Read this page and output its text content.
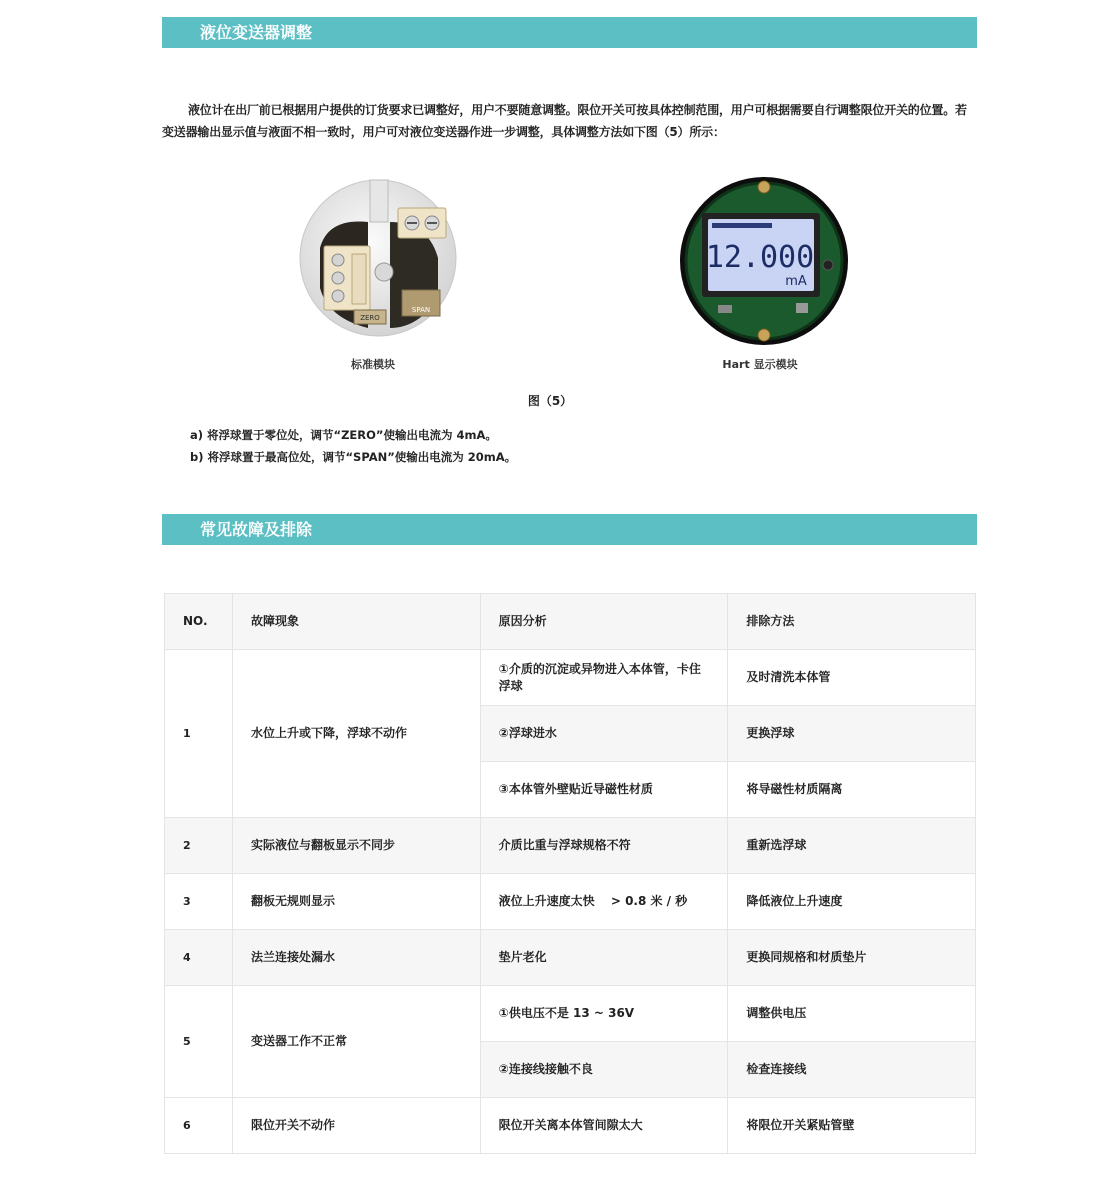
液位变送器调整

液位计在出厂前已根据用户提供的订货要求已调整好，用户不要随意调整。限位开关可按具体控制范围，用户可根据需要自行调整限位开关的位置。若变送器输出显示值与液面不相一致时，用户可对液位变送器作进一步调整，具体调整方法如下图（5）所示：

SPAN
ZERO
标准模块
12.000
mA
Hart 显示模块
图（5）
a) 将浮球置于零位处，调节“ZERO”使输出电流为 4mA。
b) 将浮球置于最高位处，调节“SPAN”使输出电流为 20mA。
常见故障及排除
NO.	故障现象	原因分析	排除方法
1	水位上升或下降，浮球不动作	①介质的沉淀或异物进入本体管，卡住浮球	及时清洗本体管
		②浮球进水	更换浮球
		③本体管外壁贴近导磁性材质	将导磁性材质隔离
2	实际液位与翻板显示不同步	介质比重与浮球规格不符	重新选浮球
3	翻板无规则显示	液位上升速度太快　 > 0.8 米 / 秒	降低液位上升速度
4	法兰连接处漏水	垫片老化	更换同规格和材质垫片
5	变送器工作不正常	①供电压不是 13 ~ 36V	调整供电压
		②连接线接触不良	检查连接线
6	限位开关不动作	限位开关离本体管间隙太大	将限位开关紧贴管壁
